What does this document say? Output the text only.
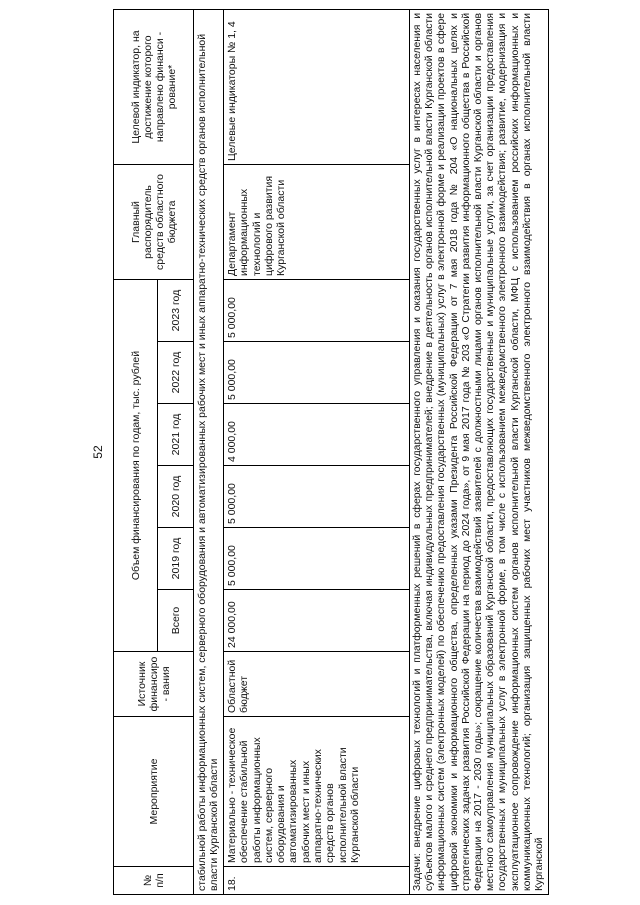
52
№ п/п	Мероприятие	Источник финансиро - вания	Объем финансирования по годам, тыс. рублей						Главный распорядитель средств областного бюджета	Целевой индикатор, на достижение которого направлено финанси - рование*
			Всего	2019 год	2020 год	2021 год	2022 год	2023 год		
стабильной работы информационных систем, серверного оборудования и автоматизированных рабочих мест и иных аппаратно-технических средств органов исполнительной власти Курганской области										
18.	Материально - техническое обеспечение стабильной работы информационных систем, серверного оборудования и автоматизированных рабочих мест и иных аппаратно-технических средств органов исполнительной власти Курганской области	Областной бюджет	24 000,00	5 000,00	5 000,00	4 000,00	5 000,00	5 000,00	Департамент информационных технологий и цифрового развития Курганской области	Целевые индикаторы № 1, 4
Задачи: внедрение цифровых технологий и платформенных решений в сферах государственного управления и оказания государственных услуг в интересах населения и субъектов малого и среднего предпринимательства, включая индивидуальных предпринимателей; внедрение в деятельность органов исполнительной власти Курганской области информационных систем (электронных моделей) по обеспечению предоставления государственных (муниципальных) услуг в электронной форме и реализации проектов в сфере цифровой экономики и информационного общества, определенных указами Президента Российской Федерации от 7 мая 2018 года № 204 «О национальных целях и стратегических задачах развития Российской Федерации на период до 2024 года», от 9 мая 2017 года № 203 «О Стратегии развития информационного общества в Российской Федерации на 2017 - 2030 годы»; сокращение количества взаимодействий заявителей с должностными лицами органов исполнительной власти Курганской области и органов местного самоуправления муниципальных образований Курганской области, предоставляющих государственные и муниципальные услуги, за счет организации предоставления государственных и муниципальных услуг в электронной форме, в том числе с использованием межведомственного электронного взаимодействия; развитие, модернизация и эксплуатационное сопровождение информационных систем органов исполнительной власти Курганской области, МФЦ с использованием российских информационных и коммуникационных технологий; организация защищенных рабочих мест участников межведомственного электронного взаимодействия в органах исполнительной власти Курганской										
